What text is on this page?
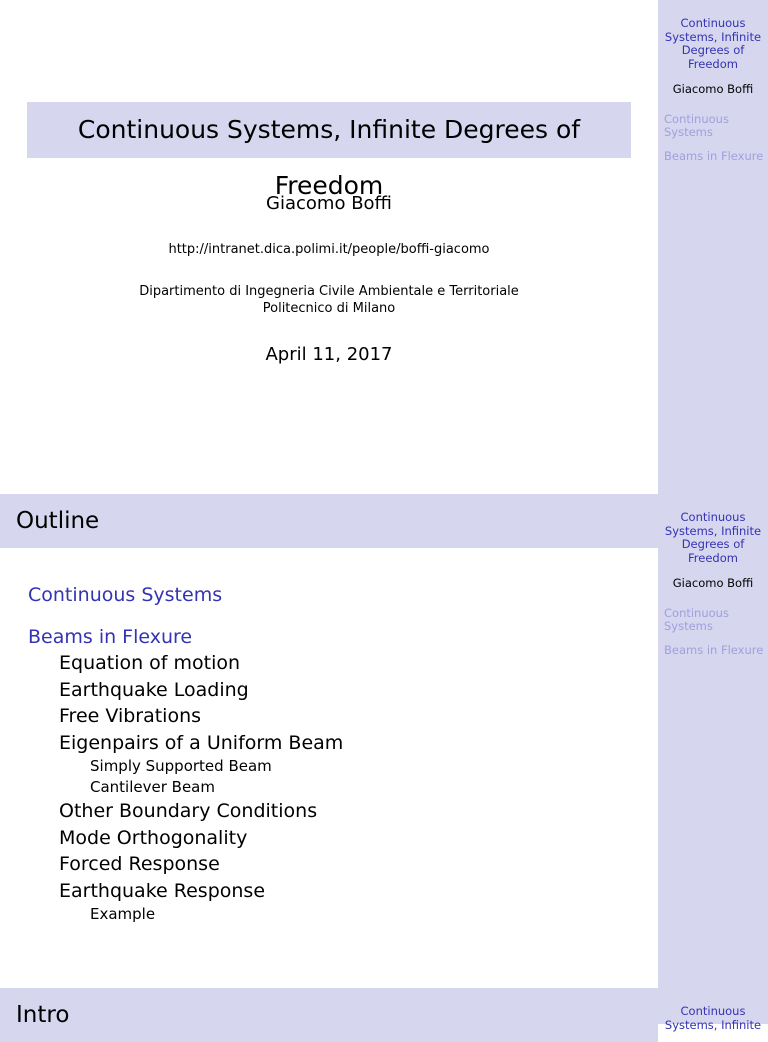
Continuous Systems, Infinite Degrees of Freedom
Giacomo Boffi
http://intranet.dica.polimi.it/people/boffi-giacomo
Dipartimento di Ingegneria Civile Ambientale e Territoriale
Politecnico di Milano
April 11, 2017
Continuous Systems, Infinite Degrees of Freedom
Giacomo Boffi
Continuous Systems
Beams in Flexure
Outline
Continuous Systems
Beams in Flexure
Equation of motion
Earthquake Loading
Free Vibrations
Eigenpairs of a Uniform Beam
Simply Supported Beam
Cantilever Beam
Other Boundary Conditions
Mode Orthogonality
Forced Response
Earthquake Response
Example
Continuous Systems, Infinite Degrees of Freedom
Giacomo Boffi
Continuous Systems
Beams in Flexure
Intro	Continuous Systems, Infinite
